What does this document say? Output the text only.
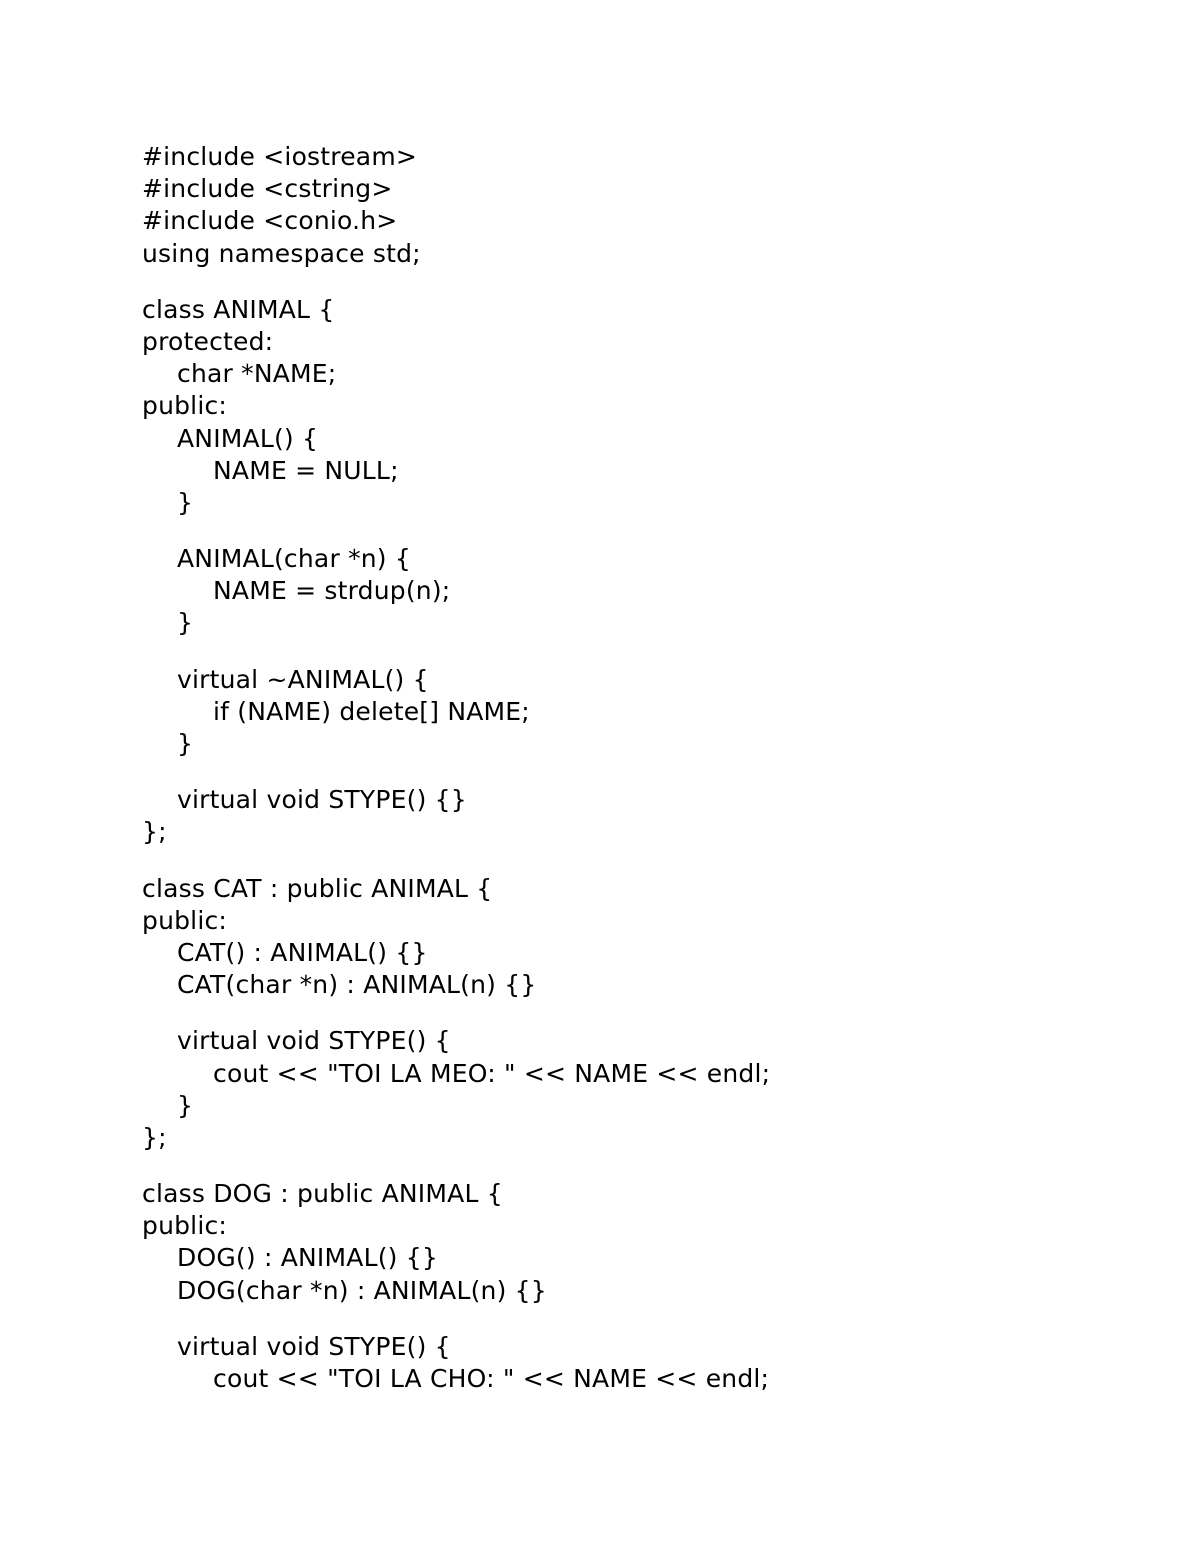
#include <iostream>
#include <cstring>
#include <conio.h>
using namespace std;
class ANIMAL {
protected:
char *NAME;
public:
ANIMAL() {
NAME = NULL;
}
ANIMAL(char *n) {
NAME = strdup(n);
}
virtual ~ANIMAL() {
if (NAME) delete[] NAME;
}
virtual void STYPE() {}
};
class CAT : public ANIMAL {
public:
CAT() : ANIMAL() {}
CAT(char *n) : ANIMAL(n) {}
virtual void STYPE() {
cout << "TOI LA MEO: " << NAME << endl;
}
};
class DOG : public ANIMAL {
public:
DOG() : ANIMAL() {}
DOG(char *n) : ANIMAL(n) {}
virtual void STYPE() {
cout << "TOI LA CHO: " << NAME << endl;
